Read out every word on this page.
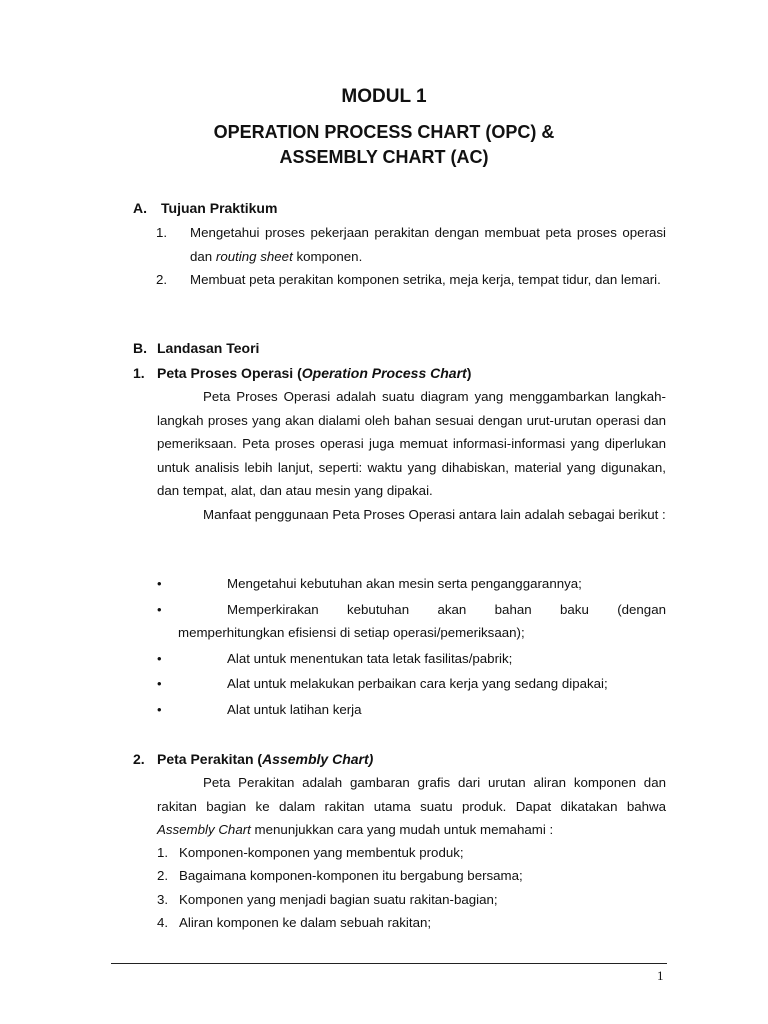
MODUL 1
OPERATION PROCESS CHART (OPC) &
ASSEMBLY CHART (AC)
A. Tujuan Praktikum
1. Mengetahui proses pekerjaan perakitan dengan membuat peta proses operasi dan routing sheet komponen.
2. Membuat peta perakitan komponen setrika, meja kerja, tempat tidur, dan lemari.
B. Landasan Teori
1. Peta Proses Operasi (Operation Process Chart)

Peta Proses Operasi adalah suatu diagram yang menggambarkan langkah-langkah proses yang akan dialami oleh bahan sesuai dengan urut-urutan operasi dan pemeriksaan. Peta proses operasi juga memuat informasi-informasi yang diperlukan untuk analisis lebih lanjut, seperti: waktu yang dihabiskan, material yang digunakan, dan tempat, alat, dan atau mesin yang dipakai.

Manfaat penggunaan Peta Proses Operasi antara lain adalah sebagai berikut :

•	Mengetahui kebutuhan akan mesin serta penganggarannya;
•	Memperkirakan kebutuhan akan bahan baku (dengan
memperhitungkan efisiensi di setiap operasi/pemeriksaan);
•	Alat untuk menentukan tata letak fasilitas/pabrik;
•	Alat untuk melakukan perbaikan cara kerja yang sedang dipakai;
•	Alat untuk latihan kerja
2. Peta Perakitan (Assembly Chart)

Peta Perakitan adalah gambaran grafis dari urutan aliran komponen dan rakitan bagian ke dalam rakitan utama suatu produk. Dapat dikatakan bahwa Assembly Chart menunjukkan cara yang mudah untuk memahami :

1. Komponen-komponen yang membentuk produk;
2. Bagaimana komponen-komponen itu bergabung bersama;
3. Komponen yang menjadi bagian suatu rakitan-bagian;
4. Aliran komponen ke dalam sebuah rakitan;
1
